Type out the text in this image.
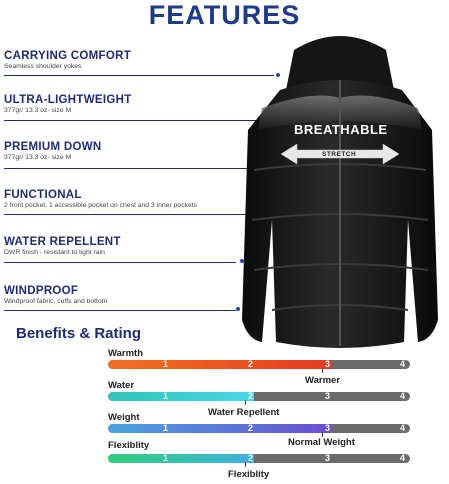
FEATURES
CARRYING COMFORT
Seamless shoulder yokes
ULTRA-LIGHTWEIGHT
377gr/ 13.3 oz- size M
PREMIUM DOWN
377gr/ 13.3 oz- size M
FUNCTIONAL
2 front pocket, 1 accessible pocket on chest and 3 inner pockets
WATER REPELLENT
DWR finish - resistant to light rain
WINDPROOF
Windproof fabric, cuffs and bottom
BREATHABLE
STRETCH
Benefits & Rating
Warmth
1	2	3	4
Warmer
Water
1	2	3	4
Water Repellent
Weight
1	2	3	4
Normal Weight
Flexiblity
1	2	3	4
Flexiblity
